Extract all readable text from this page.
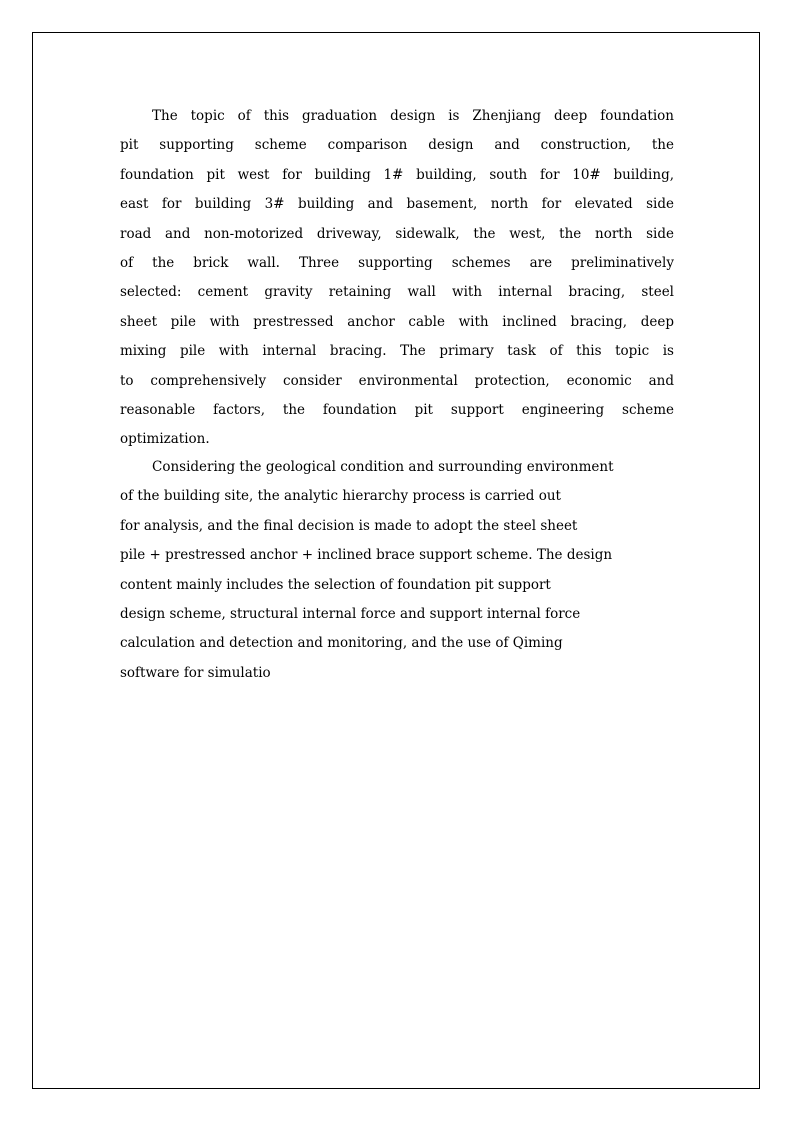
The topic of this graduation design is Zhenjiang deep foundation
pit supporting scheme comparison design and construction, the
foundation pit west for building 1# building, south for 10# building,
east for building 3# building and basement, north for elevated side
road and non-motorized driveway, sidewalk, the west, the north side
of the brick wall. Three supporting schemes are preliminatively
selected: cement gravity retaining wall with internal bracing, steel
sheet pile with prestressed anchor cable with inclined bracing, deep
mixing pile with internal bracing. The primary task of this topic is
to comprehensively consider environmental protection, economic and
reasonable factors, the foundation pit support engineering scheme
optimization.
Considering the geological condition and surrounding environment
of the building site, the analytic hierarchy process is carried out
for analysis, and the final decision is made to adopt the steel sheet
pile + prestressed anchor + inclined brace support scheme. The design
content mainly includes the selection of foundation pit support
design scheme, structural internal force and support internal force
calculation and detection and monitoring, and the use of Qiming
software for simulatio
